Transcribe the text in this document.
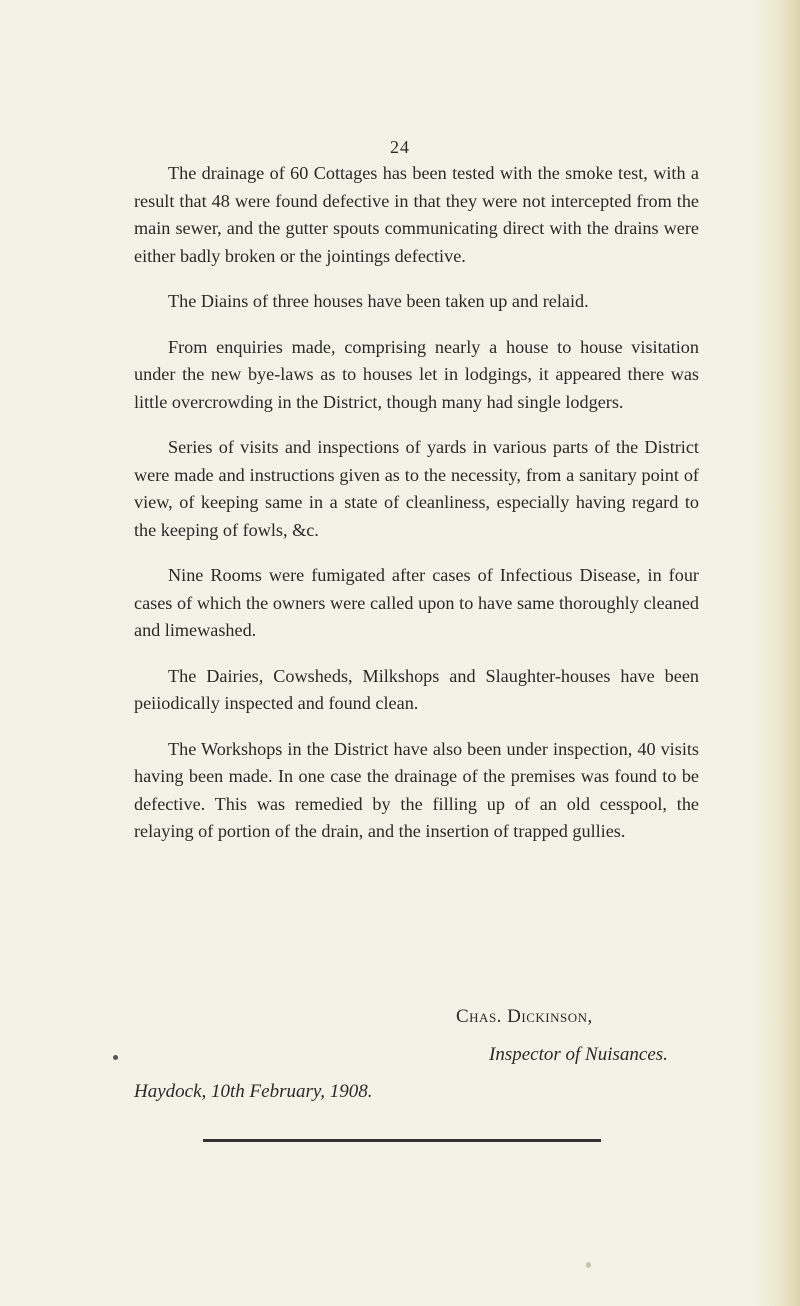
24

The drainage of 60 Cottages has been tested with the smoke test, with a result that 48 were found defective in that they were not intercepted from the main sewer, and the gutter spouts communicating direct with the drains were either badly broken or the jointings defective.

The Diains of three houses have been taken up and relaid.

From enquiries made, comprising nearly a house to house visitation under the new bye-laws as to houses let in lodgings, it appeared there was little overcrowding in the District, though many had single lodgers.

Series of visits and inspections of yards in various parts of the District were made and instructions given as to the necessity, from a sanitary point of view, of keeping same in a state of cleanliness, especially having regard to the keeping of fowls, &c.

Nine Rooms were fumigated after cases of Infectious Disease, in four cases of which the owners were called upon to have same thoroughly cleaned and limewashed.

The Dairies, Cowsheds, Milkshops and Slaughter-houses have been peiiodically inspected and found clean.

The Workshops in the District have also been under inspection, 40 visits having been made. In one case the drainage of the premises was found to be defective. This was remedied by the filling up of an old cesspool, the relaying of portion of the drain, and the insertion of trapped gullies.

Chas. Dickinson,
Inspector of Nuisances.
Haydock, 10th February, 1908.
